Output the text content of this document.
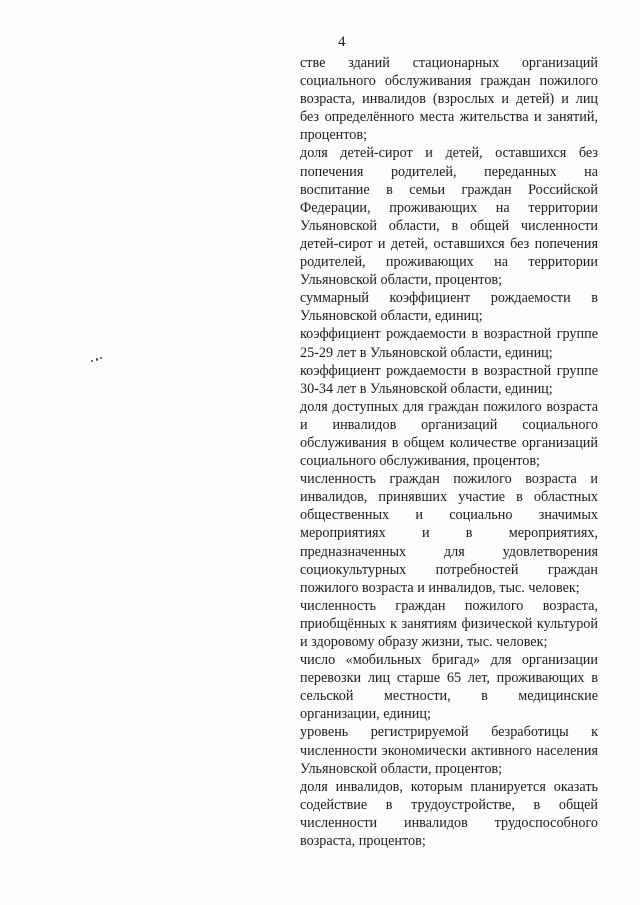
4

стве зданий стационарных организаций социального обслуживания граждан пожилого возраста, инвалидов (взрослых и детей) и лиц без определённого места жительства и занятий, процентов;

доля детей-сирот и детей, оставшихся без попечения родителей, переданных на воспитание в семьи граждан Российской Федерации, проживающих на территории Ульяновской области, в общей численности детей-сирот и детей, оставшихся без попечения родителей, проживающих на территории Ульяновской области, процентов;

суммарный коэффициент рождаемости в Ульяновской области, единиц;

коэффициент рождаемости в возрастной группе 25-29 лет в Ульяновской области, единиц;

коэффициент рождаемости в возрастной группе 30-34 лет в Ульяновской области, единиц;

доля доступных для граждан пожилого возраста и инвалидов организаций социального обслуживания в общем количестве организаций социального обслуживания, процентов;

численность граждан пожилого возраста и инвалидов, принявших участие в областных общественных и социально значимых мероприятиях и в мероприятиях, предназначенных для удовлетворения социокультурных потребностей граждан пожилого возраста и инвалидов, тыс. человек;

численность граждан пожилого возраста, приобщённых к занятиям физической культурой и здоровому образу жизни, тыс. человек;

число «мобильных бригад» для организации перевозки лиц старше 65 лет, проживающих в сельской местности, в медицинские организации, единиц;

уровень регистрируемой безработицы к численности экономически активного населения Ульяновской области, процентов;

доля инвалидов, которым планируется оказать содействие в трудоустройстве, в общей численности инвалидов трудоспособного возраста, процентов;
